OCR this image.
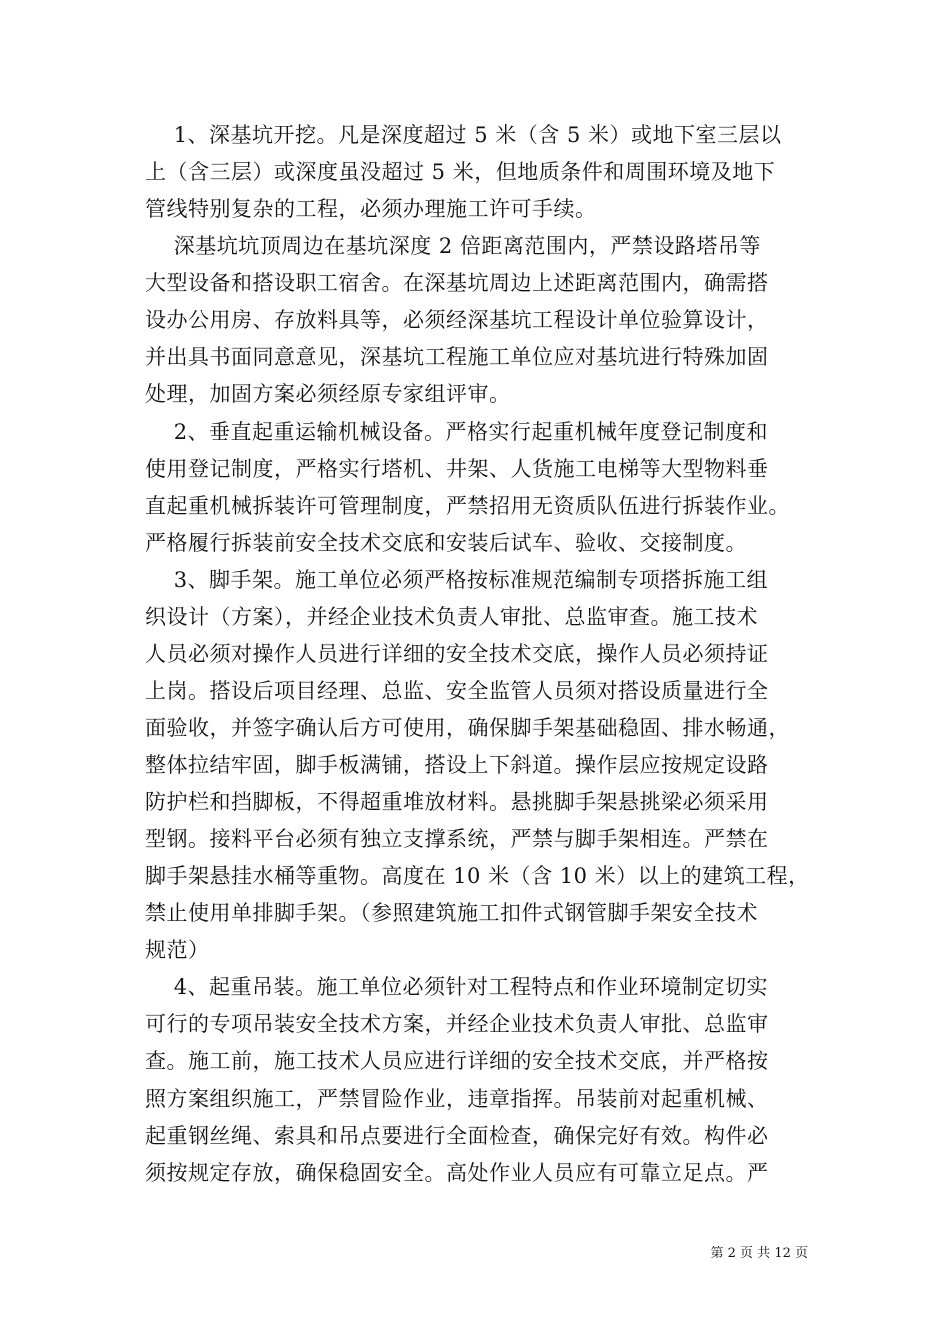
1、深基坑开挖。凡是深度超过 5 米（含 5 米）或地下室三层以
上（含三层）或深度虽没超过 5 米，但地质条件和周围环境及地下
管线特别复杂的工程，必须办理施工许可手续。
深基坑坑顶周边在基坑深度 2 倍距离范围内，严禁设路塔吊等
大型设备和搭设职工宿舍。在深基坑周边上述距离范围内，确需搭
设办公用房、存放料具等，必须经深基坑工程设计单位验算设计，
并出具书面同意意见，深基坑工程施工单位应对基坑进行特殊加固
处理，加固方案必须经原专家组评审。
2、垂直起重运输机械设备。严格实行起重机械年度登记制度和
使用登记制度，严格实行塔机、井架、人货施工电梯等大型物料垂
直起重机械拆装许可管理制度，严禁招用无资质队伍进行拆装作业。
严格履行拆装前安全技术交底和安装后试车、验收、交接制度。
3、脚手架。施工单位必须严格按标准规范编制专项搭拆施工组
织设计（方案），并经企业技术负责人审批、总监审查。施工技术
人员必须对操作人员进行详细的安全技术交底，操作人员必须持证
上岗。搭设后项目经理、总监、安全监管人员须对搭设质量进行全
面验收，并签字确认后方可使用，确保脚手架基础稳固、排水畅通，
整体拉结牢固，脚手板满铺，搭设上下斜道。操作层应按规定设路
防护栏和挡脚板，不得超重堆放材料。悬挑脚手架悬挑梁必须采用
型钢。接料平台必须有独立支撑系统，严禁与脚手架相连。严禁在
脚手架悬挂水桶等重物。高度在 10 米（含 10 米）以上的建筑工程，
禁止使用单排脚手架。（参照建筑施工扣件式钢管脚手架安全技术
规范）
4、起重吊装。施工单位必须针对工程特点和作业环境制定切实
可行的专项吊装安全技术方案，并经企业技术负责人审批、总监审
查。施工前，施工技术人员应进行详细的安全技术交底，并严格按
照方案组织施工，严禁冒险作业，违章指挥。吊装前对起重机械、
起重钢丝绳、索具和吊点要进行全面检查，确保完好有效。构件必
须按规定存放，确保稳固安全。高处作业人员应有可靠立足点。严
第 2 页 共 12 页
